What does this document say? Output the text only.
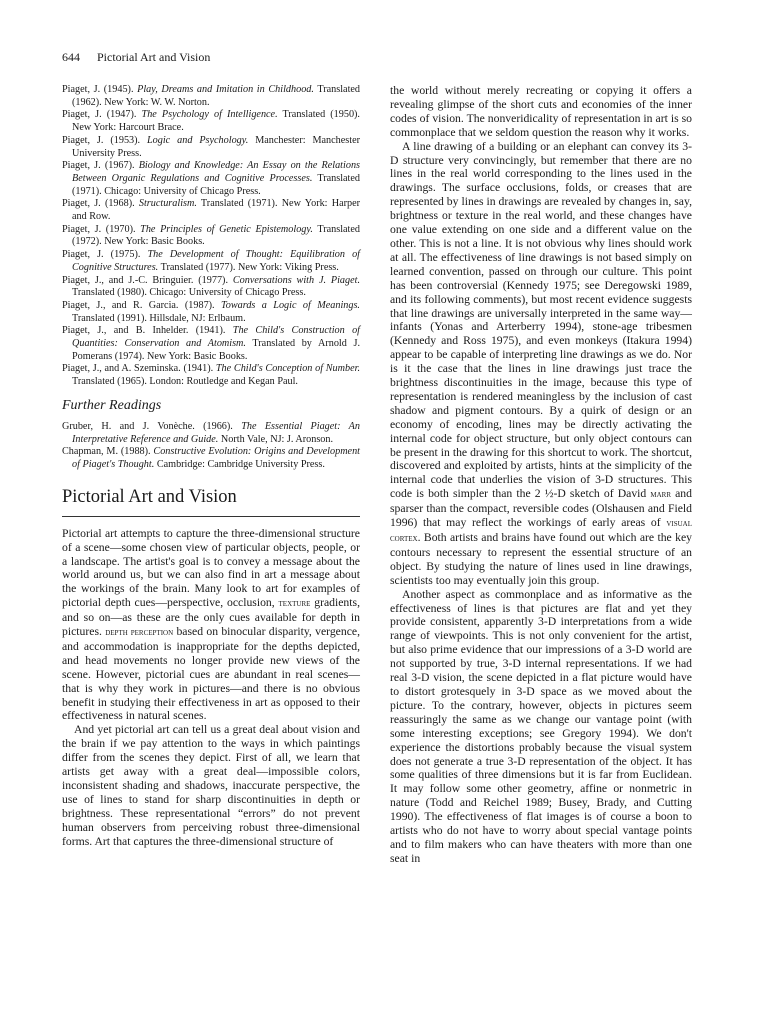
644 Pictorial Art and Vision

Piaget, J. (1945). Play, Dreams and Imitation in Childhood. Translated (1962). New York: W. W. Norton.

Piaget, J. (1947). The Psychology of Intelligence. Translated (1950). New York: Harcourt Brace.

Piaget, J. (1953). Logic and Psychology. Manchester: Manchester University Press.

Piaget, J. (1967). Biology and Knowledge: An Essay on the Relations Between Organic Regulations and Cognitive Processes. Translated (1971). Chicago: University of Chicago Press.

Piaget, J. (1968). Structuralism. Translated (1971). New York: Harper and Row.

Piaget, J. (1970). The Principles of Genetic Epistemology. Translated (1972). New York: Basic Books.

Piaget, J. (1975). The Development of Thought: Equilibration of Cognitive Structures. Translated (1977). New York: Viking Press.

Piaget, J., and J.-C. Bringuier. (1977). Conversations with J. Piaget. Translated (1980). Chicago: University of Chicago Press.

Piaget, J., and R. Garcia. (1987). Towards a Logic of Meanings. Translated (1991). Hillsdale, NJ: Erlbaum.

Piaget, J., and B. Inhelder. (1941). The Child's Construction of Quantities: Conservation and Atomism. Translated by Arnold J. Pomerans (1974). New York: Basic Books.

Piaget, J., and A. Szeminska. (1941). The Child's Conception of Number. Translated (1965). London: Routledge and Kegan Paul.

Further Readings

Gruber, H. and J. Vonèche. (1966). The Essential Piaget: An Interpretative Reference and Guide. North Vale, NJ: J. Aronson.

Chapman, M. (1988). Constructive Evolution: Origins and Development of Piaget's Thought. Cambridge: Cambridge University Press.

Pictorial Art and Vision

Pictorial art attempts to capture the three-dimensional structure of a scene—some chosen view of particular objects, people, or a landscape. The artist's goal is to convey a message about the world around us, but we can also find in art a message about the workings of the brain. Many look to art for examples of pictorial depth cues—perspective, occlusion, texture gradients, and so on—as these are the only cues available for depth in pictures. depth perception based on binocular disparity, vergence, and accommodation is inappropriate for the depths depicted, and head movements no longer provide new views of the scene. However, pictorial cues are abundant in real scenes—that is why they work in pictures—and there is no obvious benefit in studying their effectiveness in art as opposed to their effectiveness in natural scenes.

And yet pictorial art can tell us a great deal about vision and the brain if we pay attention to the ways in which paintings differ from the scenes they depict. First of all, we learn that artists get away with a great deal—impossible colors, inconsistent shading and shadows, inaccurate perspective, the use of lines to stand for sharp discontinuities in depth or brightness. These representational “errors” do not prevent human observers from perceiving robust three-dimensional forms. Art that captures the three-dimensional structure of

the world without merely recreating or copying it offers a revealing glimpse of the short cuts and economies of the inner codes of vision. The nonveridicality of representation in art is so commonplace that we seldom question the reason why it works.

A line drawing of a building or an elephant can convey its 3-D structure very convincingly, but remember that there are no lines in the real world corresponding to the lines used in the drawings. The surface occlusions, folds, or creases that are represented by lines in drawings are revealed by changes in, say, brightness or texture in the real world, and these changes have one value extending on one side and a different value on the other. This is not a line. It is not obvious why lines should work at all. The effectiveness of line drawings is not based simply on learned convention, passed on through our culture. This point has been controversial (Kennedy 1975; see Deregowski 1989, and its following comments), but most recent evidence suggests that line drawings are universally interpreted in the same way—infants (Yonas and Arterberry 1994), stone-age tribesmen (Kennedy and Ross 1975), and even monkeys (Itakura 1994) appear to be capable of interpreting line drawings as we do. Nor is it the case that the lines in line drawings just trace the brightness discontinuities in the image, because this type of representation is rendered meaningless by the inclusion of cast shadow and pigment contours. By a quirk of design or an economy of encoding, lines may be directly activating the internal code for object structure, but only object contours can be present in the drawing for this shortcut to work. The shortcut, discovered and exploited by artists, hints at the simplicity of the internal code that underlies the vision of 3-D structures. This code is both simpler than the 2 ½-D sketch of David marr and sparser than the compact, reversible codes (Olshausen and Field 1996) that may reflect the workings of early areas of visual cortex. Both artists and brains have found out which are the key contours necessary to represent the essential structure of an object. By studying the nature of lines used in line drawings, scientists too may eventually join this group.

Another aspect as commonplace and as informative as the effectiveness of lines is that pictures are flat and yet they provide consistent, apparently 3-D interpretations from a wide range of viewpoints. This is not only convenient for the artist, but also prime evidence that our impressions of a 3-D world are not supported by true, 3-D internal representations. If we had real 3-D vision, the scene depicted in a flat picture would have to distort grotesquely in 3-D space as we moved about the picture. To the contrary, however, objects in pictures seem reassuringly the same as we change our vantage point (with some interesting exceptions; see Gregory 1994). We don't experience the distortions probably because the visual system does not generate a true 3-D representation of the object. It has some qualities of three dimensions but it is far from Euclidean. It may follow some other geometry, affine or nonmetric in nature (Todd and Reichel 1989; Busey, Brady, and Cutting 1990). The effectiveness of flat images is of course a boon to artists who do not have to worry about special vantage points and to film makers who can have theaters with more than one seat in
